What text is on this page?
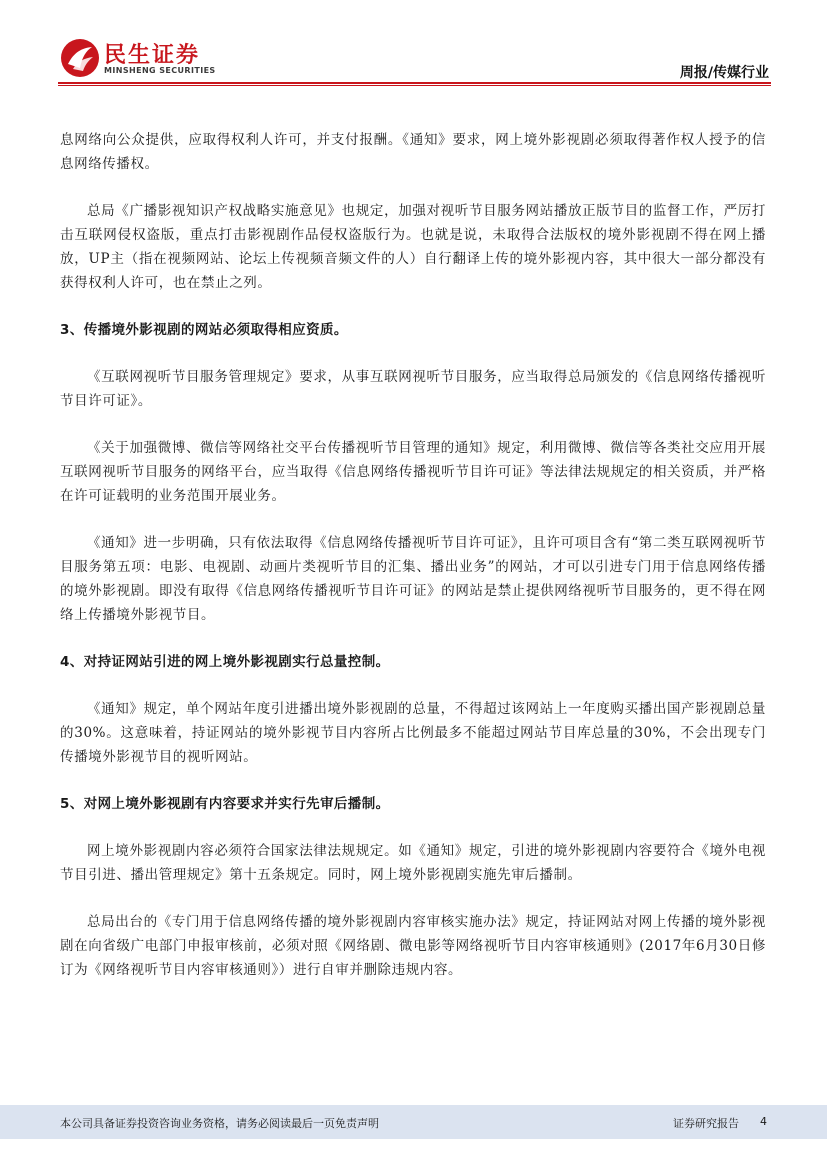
民生证券
MINSHENG SECURITIES	周报/传媒行业

息网络向公众提供，应取得权利人许可，并支付报酬。《通知》要求，网上境外影视剧必须取得著作权人授予的信息网络传播权。

总局《广播影视知识产权战略实施意见》也规定，加强对视听节目服务网站播放正版节目的监督工作，严厉打击互联网侵权盗版，重点打击影视剧作品侵权盗版行为。也就是说，未取得合法版权的境外影视剧不得在网上播放，UP主（指在视频网站、论坛上传视频音频文件的人）自行翻译上传的境外影视内容，其中很大一部分都没有获得权利人许可，也在禁止之列。

3、传播境外影视剧的网站必须取得相应资质。

《互联网视听节目服务管理规定》要求，从事互联网视听节目服务，应当取得总局颁发的《信息网络传播视听节目许可证》。

《关于加强微博、微信等网络社交平台传播视听节目管理的通知》规定，利用微博、微信等各类社交应用开展互联网视听节目服务的网络平台，应当取得《信息网络传播视听节目许可证》等法律法规规定的相关资质，并严格在许可证载明的业务范围开展业务。

《通知》进一步明确，只有依法取得《信息网络传播视听节目许可证》，且许可项目含有“第二类互联网视听节目服务第五项：电影、电视剧、动画片类视听节目的汇集、播出业务”的网站，才可以引进专门用于信息网络传播的境外影视剧。即没有取得《信息网络传播视听节目许可证》的网站是禁止提供网络视听节目服务的，更不得在网络上传播境外影视节目。

4、对持证网站引进的网上境外影视剧实行总量控制。

《通知》规定，单个网站年度引进播出境外影视剧的总量，不得超过该网站上一年度购买播出国产影视剧总量的30%。这意味着，持证网站的境外影视节目内容所占比例最多不能超过网站节目库总量的30%，不会出现专门传播境外影视节目的视听网站。

5、对网上境外影视剧有内容要求并实行先审后播制。

网上境外影视剧内容必须符合国家法律法规规定。如《通知》规定，引进的境外影视剧内容要符合《境外电视节目引进、播出管理规定》第十五条规定。同时，网上境外影视剧实施先审后播制。

总局出台的《专门用于信息网络传播的境外影视剧内容审核实施办法》规定，持证网站对网上传播的境外影视剧在向省级广电部门申报审核前，必须对照《网络剧、微电影等网络视听节目内容审核通则》(2017年6月30日修订为《网络视听节目内容审核通则》）进行自审并删除违规内容。

本公司具备证券投资咨询业务资格，请务必阅读最后一页免责声明	证券研究报告 4
